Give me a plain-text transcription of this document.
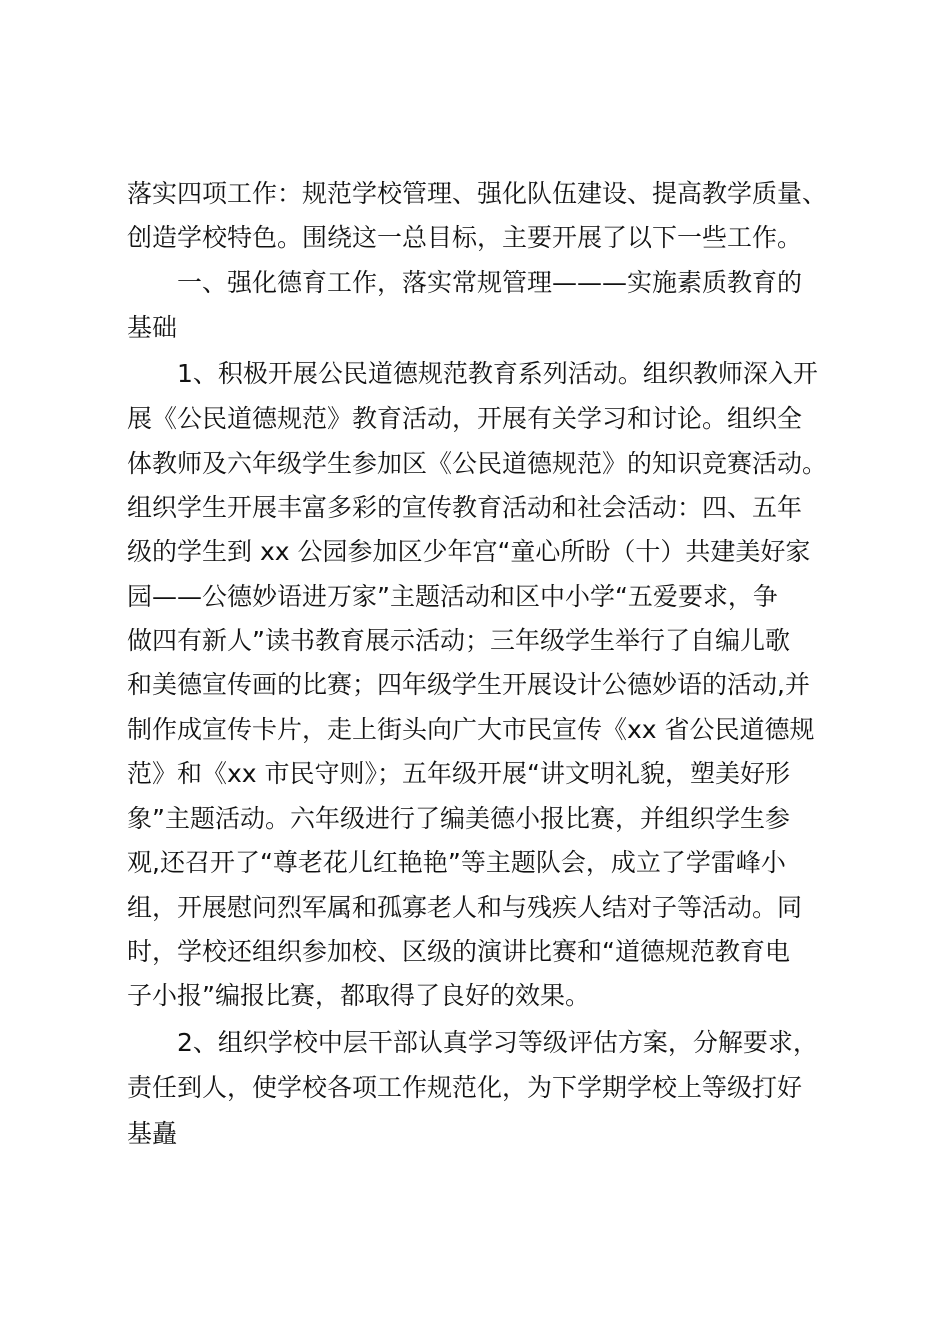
落实四项工作：规范学校管理、强化队伍建设、提高教学质量、
创造学校特色。围绕这一总目标，主要开展了以下一些工作。
一、强化德育工作，落实常规管理———实施素质教育的
基础
1、积极开展公民道德规范教育系列活动。组织教师深入开
展《公民道德规范》教育活动，开展有关学习和讨论。组织全
体教师及六年级学生参加区《公民道德规范》的知识竞赛活动。
组织学生开展丰富多彩的宣传教育活动和社会活动：四、五年
级的学生到 xx 公园参加区少年宫“童心所盼（十）共建美好家
园——公德妙语进万家”主题活动和区中小学“五爱要求，争
做四有新人”读书教育展示活动；三年级学生举行了自编儿歌
和美德宣传画的比赛；四年级学生开展设计公德妙语的活动,并
制作成宣传卡片，走上街头向广大市民宣传《xx 省公民道德规
范》和《xx 市民守则》；五年级开展“讲文明礼貌，塑美好形
象”主题活动。六年级进行了编美德小报比赛，并组织学生参
观,还召开了“尊老花儿红艳艳”等主题队会，成立了学雷峰小
组，开展慰问烈军属和孤寡老人和与残疾人结对子等活动。同
时，学校还组织参加校、区级的演讲比赛和“道德规范教育电
子小报”编报比赛，都取得了良好的效果。
2、组织学校中层干部认真学习等级评估方案，分解要求，
责任到人，使学校各项工作规范化，为下学期学校上等级打好
基矗
